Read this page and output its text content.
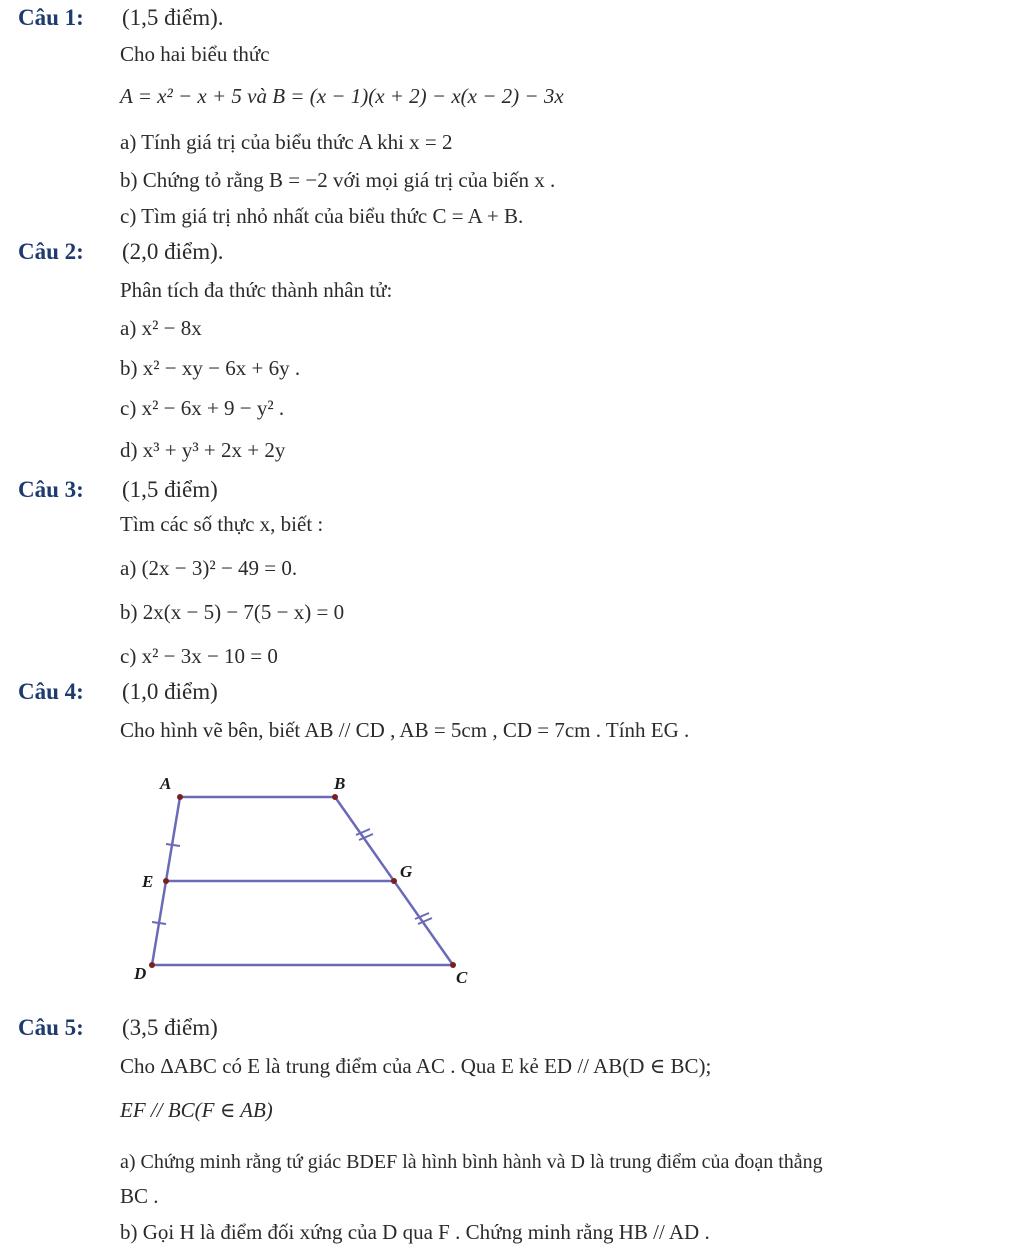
Câu 1: (1,5 điểm).
Cho hai biểu thức
A = x² − x + 5 và B = (x − 1)(x + 2) − x(x − 2) − 3x
a) Tính giá trị của biểu thức A khi x = 2
b) Chứng tỏ rằng B = −2 với mọi giá trị của biến x .
c) Tìm giá trị nhỏ nhất của biểu thức C = A + B.
Câu 2: (2,0 điểm).
Phân tích đa thức thành nhân tử:
a) x² − 8x
b) x² − xy − 6x + 6y .
c) x² − 6x + 9 − y² .
d) x³ + y³ + 2x + 2y
Câu 3: (1,5 điểm)
Tìm các số thực x, biết :
a) (2x − 3)² − 49 = 0.
b) 2x(x − 5) − 7(5 − x) = 0
c) x² − 3x − 10 = 0
Câu 4: (1,0 điểm)
Cho hình vẽ bên, biết AB // CD , AB = 5cm , CD = 7cm . Tính EG .
A	B
E
G
D	C
Câu 5: (3,5 điểm)
Cho ΔABC có E là trung điểm của AC . Qua E kẻ ED // AB(D ∈ BC);
EF // BC(F ∈ AB)
a) Chứng minh rằng tứ giác BDEF là hình bình hành và D là trung điểm của đoạn thẳng
BC .
b) Gọi H là điểm đối xứng của D qua F . Chứng minh rằng HB // AD .
